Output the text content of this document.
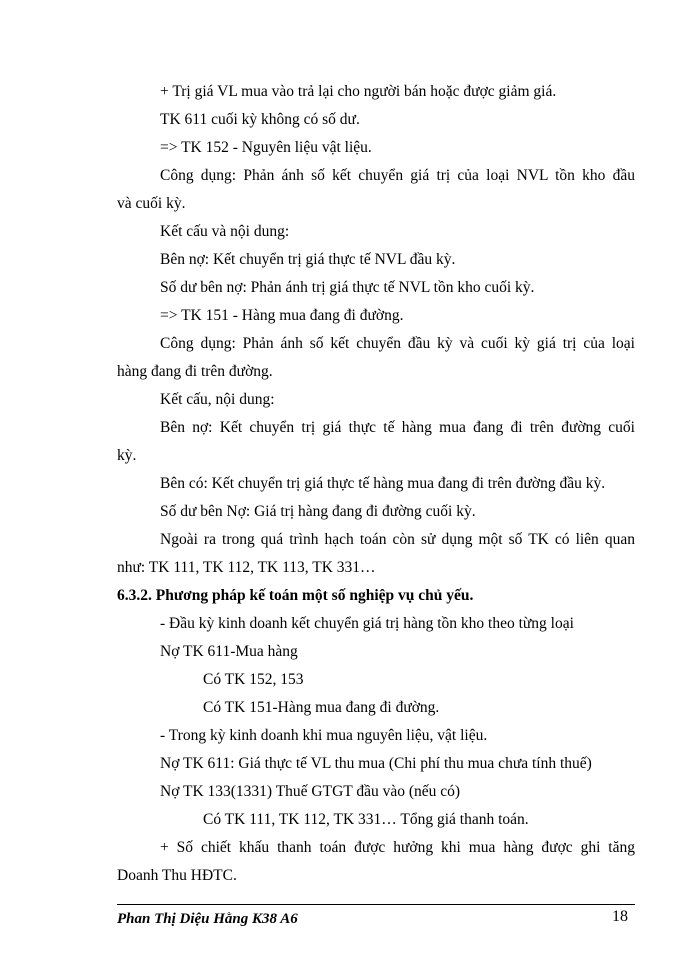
+ Trị giá VL mua vào trả lại cho người bán hoặc được giảm giá.
TK 611 cuối kỳ không có số dư.
=> TK 152 - Nguyên liệu vật liệu.
Công dụng: Phản ánh số kết chuyển giá trị của loại NVL tồn kho đầu
và cuối kỳ.
Kết cấu và nội dung:
Bên nợ: Kết chuyển trị giá thực tế NVL đầu kỳ.
Số dư bên nợ: Phản ánh trị giá thực tế NVL tồn kho cuối kỳ.
=> TK 151 - Hàng mua đang đi đường.
Công dụng: Phản ánh số kết chuyển đầu kỳ và cuối kỳ giá trị của loại
hàng đang đi trên đường.
Kết cấu, nội dung:
Bên nợ: Kết chuyển trị giá thực tế hàng mua đang đi trên đường cuối
kỳ.
Bên có: Kết chuyển trị giá thực tế hàng mua đang đi trên đường đầu kỳ.
Số dư bên Nợ: Giá trị hàng đang đi đường cuối kỳ.
Ngoài ra trong quá trình hạch toán còn sử dụng một số TK có liên quan
như: TK 111, TK 112, TK 113, TK 331…
6.3.2. Phương pháp kế toán một số nghiệp vụ chủ yếu.
- Đầu kỳ kinh doanh kết chuyển giá trị hàng tồn kho theo từng loại
Nợ TK 611-Mua hàng
Có TK 152, 153
Có TK 151-Hàng mua đang đi đường.
- Trong kỳ kinh doanh khi mua nguyên liệu, vật liệu.
Nợ TK 611: Giá thực tế VL thu mua (Chi phí thu mua chưa tính thuế)
Nợ TK 133(1331) Thuế GTGT đầu vào (nếu có)
Có TK 111, TK 112, TK 331… Tổng giá thanh toán.
+ Số chiết khấu thanh toán được hưởng khi mua hàng được ghi tăng
Doanh Thu HĐTC.
Phan Thị Diệu Hằng K38 A6	18
